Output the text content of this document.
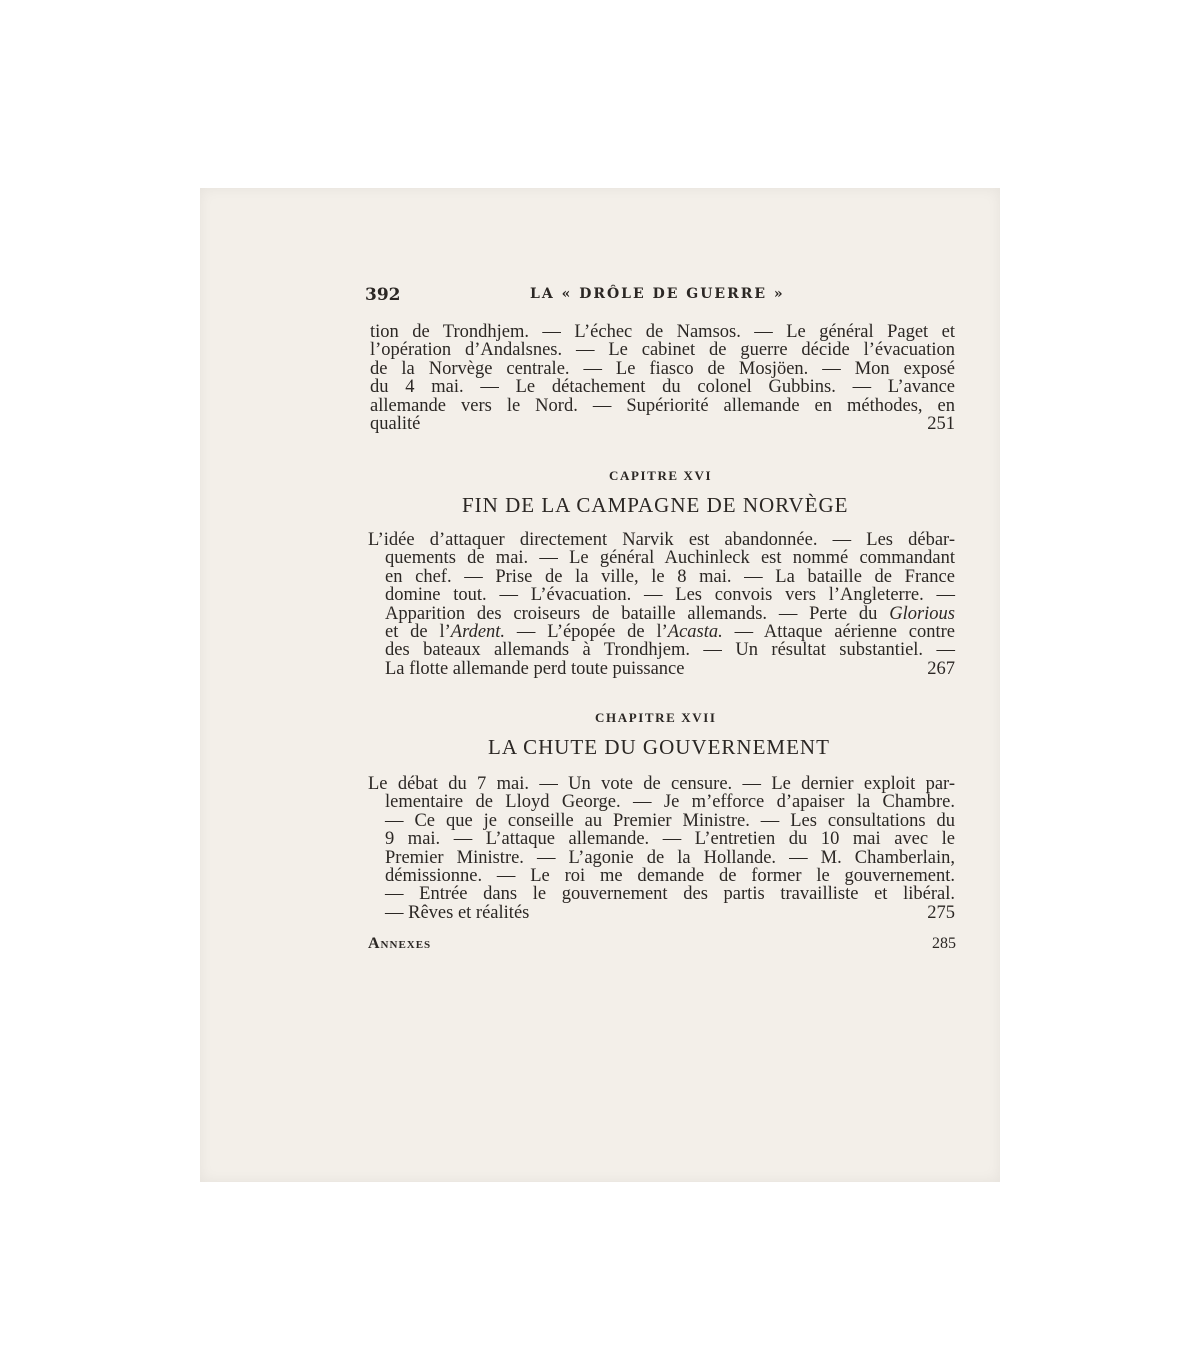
392	LA « DRÔLE DE GUERRE »
tion de Trondhjem. — L’échec de Namsos. — Le général Paget et
l’opération d’Andalsnes. — Le cabinet de guerre décide l’évacuation
de la Norvège centrale. — Le fiasco de Mosjöen. — Mon exposé
du 4 mai. — Le détachement du colonel Gubbins. — L’avance
allemande vers le Nord. — Supériorité allemande en méthodes, en
qualité	251
CAPITRE XVI
FIN DE LA CAMPAGNE DE NORVÈGE
L’idée d’attaquer directement Narvik est abandonnée. — Les débar-
quements de mai. — Le général Auchinleck est nommé commandant
en chef. — Prise de la ville, le 8 mai. — La bataille de France
domine tout. — L’évacuation. — Les convois vers l’Angleterre. —
Apparition des croiseurs de bataille allemands. — Perte du Glorious
et de l’Ardent. — L’épopée de l’Acasta. — Attaque aérienne contre
des bateaux allemands à Trondhjem. — Un résultat substantiel. —
La flotte allemande perd toute puissance	267
CHAPITRE XVII
LA CHUTE DU GOUVERNEMENT
Le débat du 7 mai. — Un vote de censure. — Le dernier exploit par-
lementaire de Lloyd George. — Je m’efforce d’apaiser la Chambre.
— Ce que je conseille au Premier Ministre. — Les consultations du
9 mai. — L’attaque allemande. — L’entretien du 10 mai avec le
Premier Ministre. — L’agonie de la Hollande. — M. Chamberlain,
démissionne. — Le roi me demande de former le gouvernement.
— Entrée dans le gouvernement des partis travailliste et libéral.
— Rêves et réalités	275
Annexes	285
